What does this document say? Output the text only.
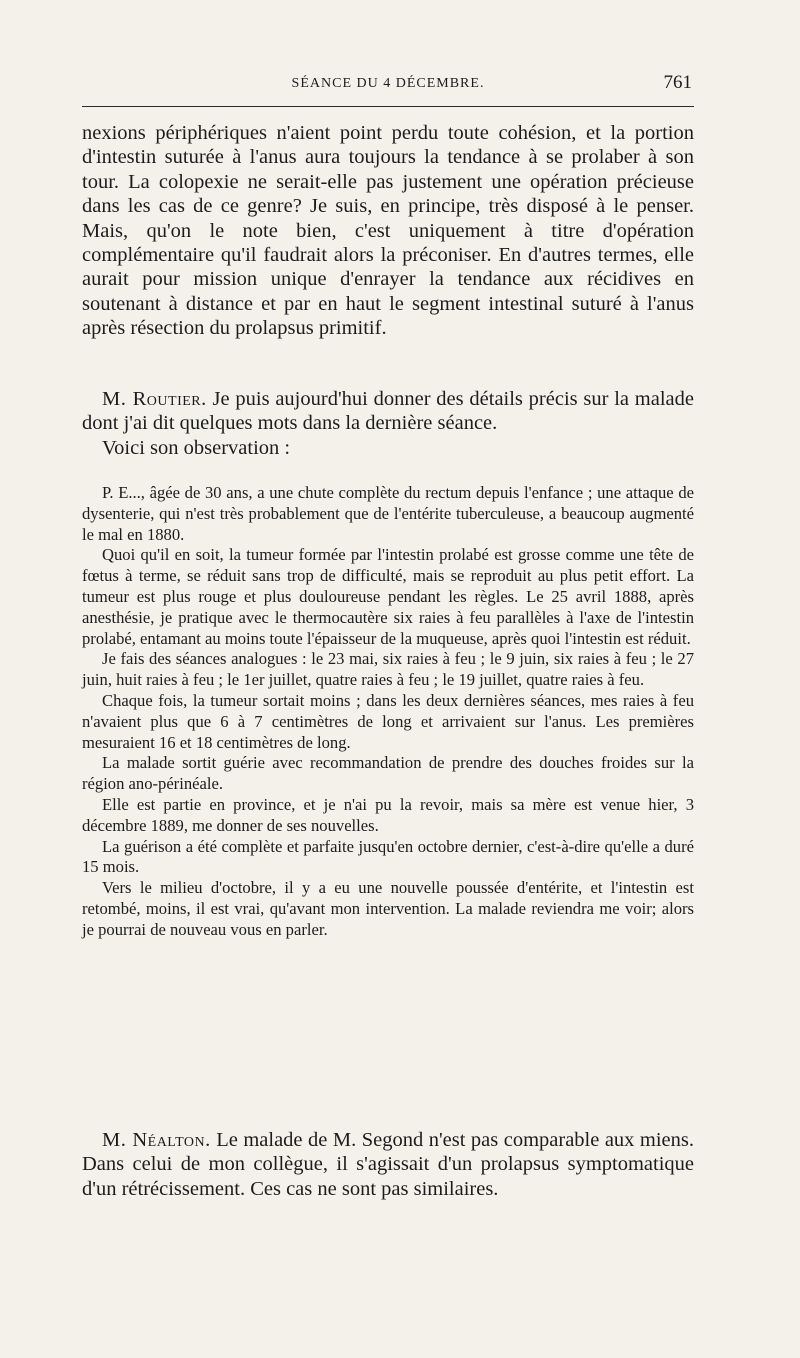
SÉANCE DU 4 DÉCEMBRE.	761

nexions périphériques n'aient point perdu toute cohésion, et la portion d'intestin suturée à l'anus aura toujours la tendance à se prolaber à son tour. La colopexie ne serait-elle pas justement une opération précieuse dans les cas de ce genre? Je suis, en principe, très disposé à le penser. Mais, qu'on le note bien, c'est uniquement à titre d'opération complémentaire qu'il faudrait alors la préconiser. En d'autres termes, elle aurait pour mission unique d'enrayer la tendance aux récidives en soutenant à distance et par en haut le segment intestinal suturé à l'anus après résection du prolapsus primitif.

M. Routier. Je puis aujourd'hui donner des détails précis sur la malade dont j'ai dit quelques mots dans la dernière séance.

Voici son observation :

P. E..., âgée de 30 ans, a une chute complète du rectum depuis l'enfance ; une attaque de dysenterie, qui n'est très probablement que de l'entérite tuberculeuse, a beaucoup augmenté le mal en 1880.

Quoi qu'il en soit, la tumeur formée par l'intestin prolabé est grosse comme une tête de fœtus à terme, se réduit sans trop de difficulté, mais se reproduit au plus petit effort. La tumeur est plus rouge et plus douloureuse pendant les règles. Le 25 avril 1888, après anesthésie, je pratique avec le thermocautère six raies à feu parallèles à l'axe de l'intestin prolabé, entamant au moins toute l'épaisseur de la muqueuse, après quoi l'intestin est réduit.

Je fais des séances analogues : le 23 mai, six raies à feu ; le 9 juin, six raies à feu ; le 27 juin, huit raies à feu ; le 1er juillet, quatre raies à feu ; le 19 juillet, quatre raies à feu.

Chaque fois, la tumeur sortait moins ; dans les deux dernières séances, mes raies à feu n'avaient plus que 6 à 7 centimètres de long et arrivaient sur l'anus. Les premières mesuraient 16 et 18 centimètres de long.

La malade sortit guérie avec recommandation de prendre des douches froides sur la région ano-périnéale.

Elle est partie en province, et je n'ai pu la revoir, mais sa mère est venue hier, 3 décembre 1889, me donner de ses nouvelles.

La guérison a été complète et parfaite jusqu'en octobre dernier, c'est-à-dire qu'elle a duré 15 mois.

Vers le milieu d'octobre, il y a eu une nouvelle poussée d'entérite, et l'intestin est retombé, moins, il est vrai, qu'avant mon intervention. La malade reviendra me voir; alors je pourrai de nouveau vous en parler.

M. Néalton. Le malade de M. Segond n'est pas comparable aux miens. Dans celui de mon collègue, il s'agissait d'un prolapsus symptomatique d'un rétrécissement. Ces cas ne sont pas similaires.
